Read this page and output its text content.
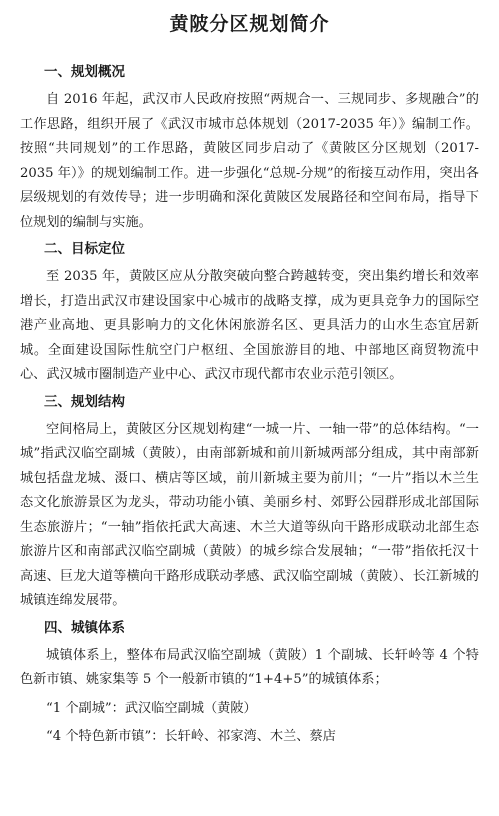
黄陂分区规划简介
一、规划概况

自 2016 年起，武汉市人民政府按照“两规合一、三规同步、多规融合”的工作思路，组织开展了《武汉市城市总体规划（2017-2035 年）》编制工作。按照“共同规划”的工作思路，黄陂区同步启动了《黄陂区分区规划（2017-2035 年）》的规划编制工作。进一步强化“总规-分规”的衔接互动作用，突出各层级规划的有效传导；进一步明确和深化黄陂区发展路径和空间布局，指导下位规划的编制与实施。

二、目标定位

至 2035 年，黄陂区应从分散突破向整合跨越转变，突出集约增长和效率增长，打造出武汉市建设国家中心城市的战略支撑，成为更具竞争力的国际空港产业高地、更具影响力的文化休闲旅游名区、更具活力的山水生态宜居新城。全面建设国际性航空门户枢纽、全国旅游目的地、中部地区商贸物流中心、武汉城市圈制造产业中心、武汉市现代都市农业示范引领区。

三、规划结构

空间格局上，黄陂区分区规划构建“一城一片、一轴一带”的总体结构。“一城”指武汉临空副城（黄陂），由南部新城和前川新城两部分组成，其中南部新城包括盘龙城、滠口、横店等区域，前川新城主要为前川；“一片”指以木兰生态文化旅游景区为龙头，带动功能小镇、美丽乡村、郊野公园群形成北部国际生态旅游片；“一轴”指依托武大高速、木兰大道等纵向干路形成联动北部生态旅游片区和南部武汉临空副城（黄陂）的城乡综合发展轴；“一带”指依托汉十高速、巨龙大道等横向干路形成联动孝感、武汉临空副城（黄陂）、长江新城的城镇连绵发展带。

四、城镇体系

城镇体系上，整体布局武汉临空副城（黄陂）1 个副城、长轩岭等 4 个特色新市镇、姚家集等 5 个一般新市镇的“1+4+5”的城镇体系；

“1 个副城”：武汉临空副城（黄陂）
“4 个特色新市镇”：长轩岭、祁家湾、木兰、蔡店
